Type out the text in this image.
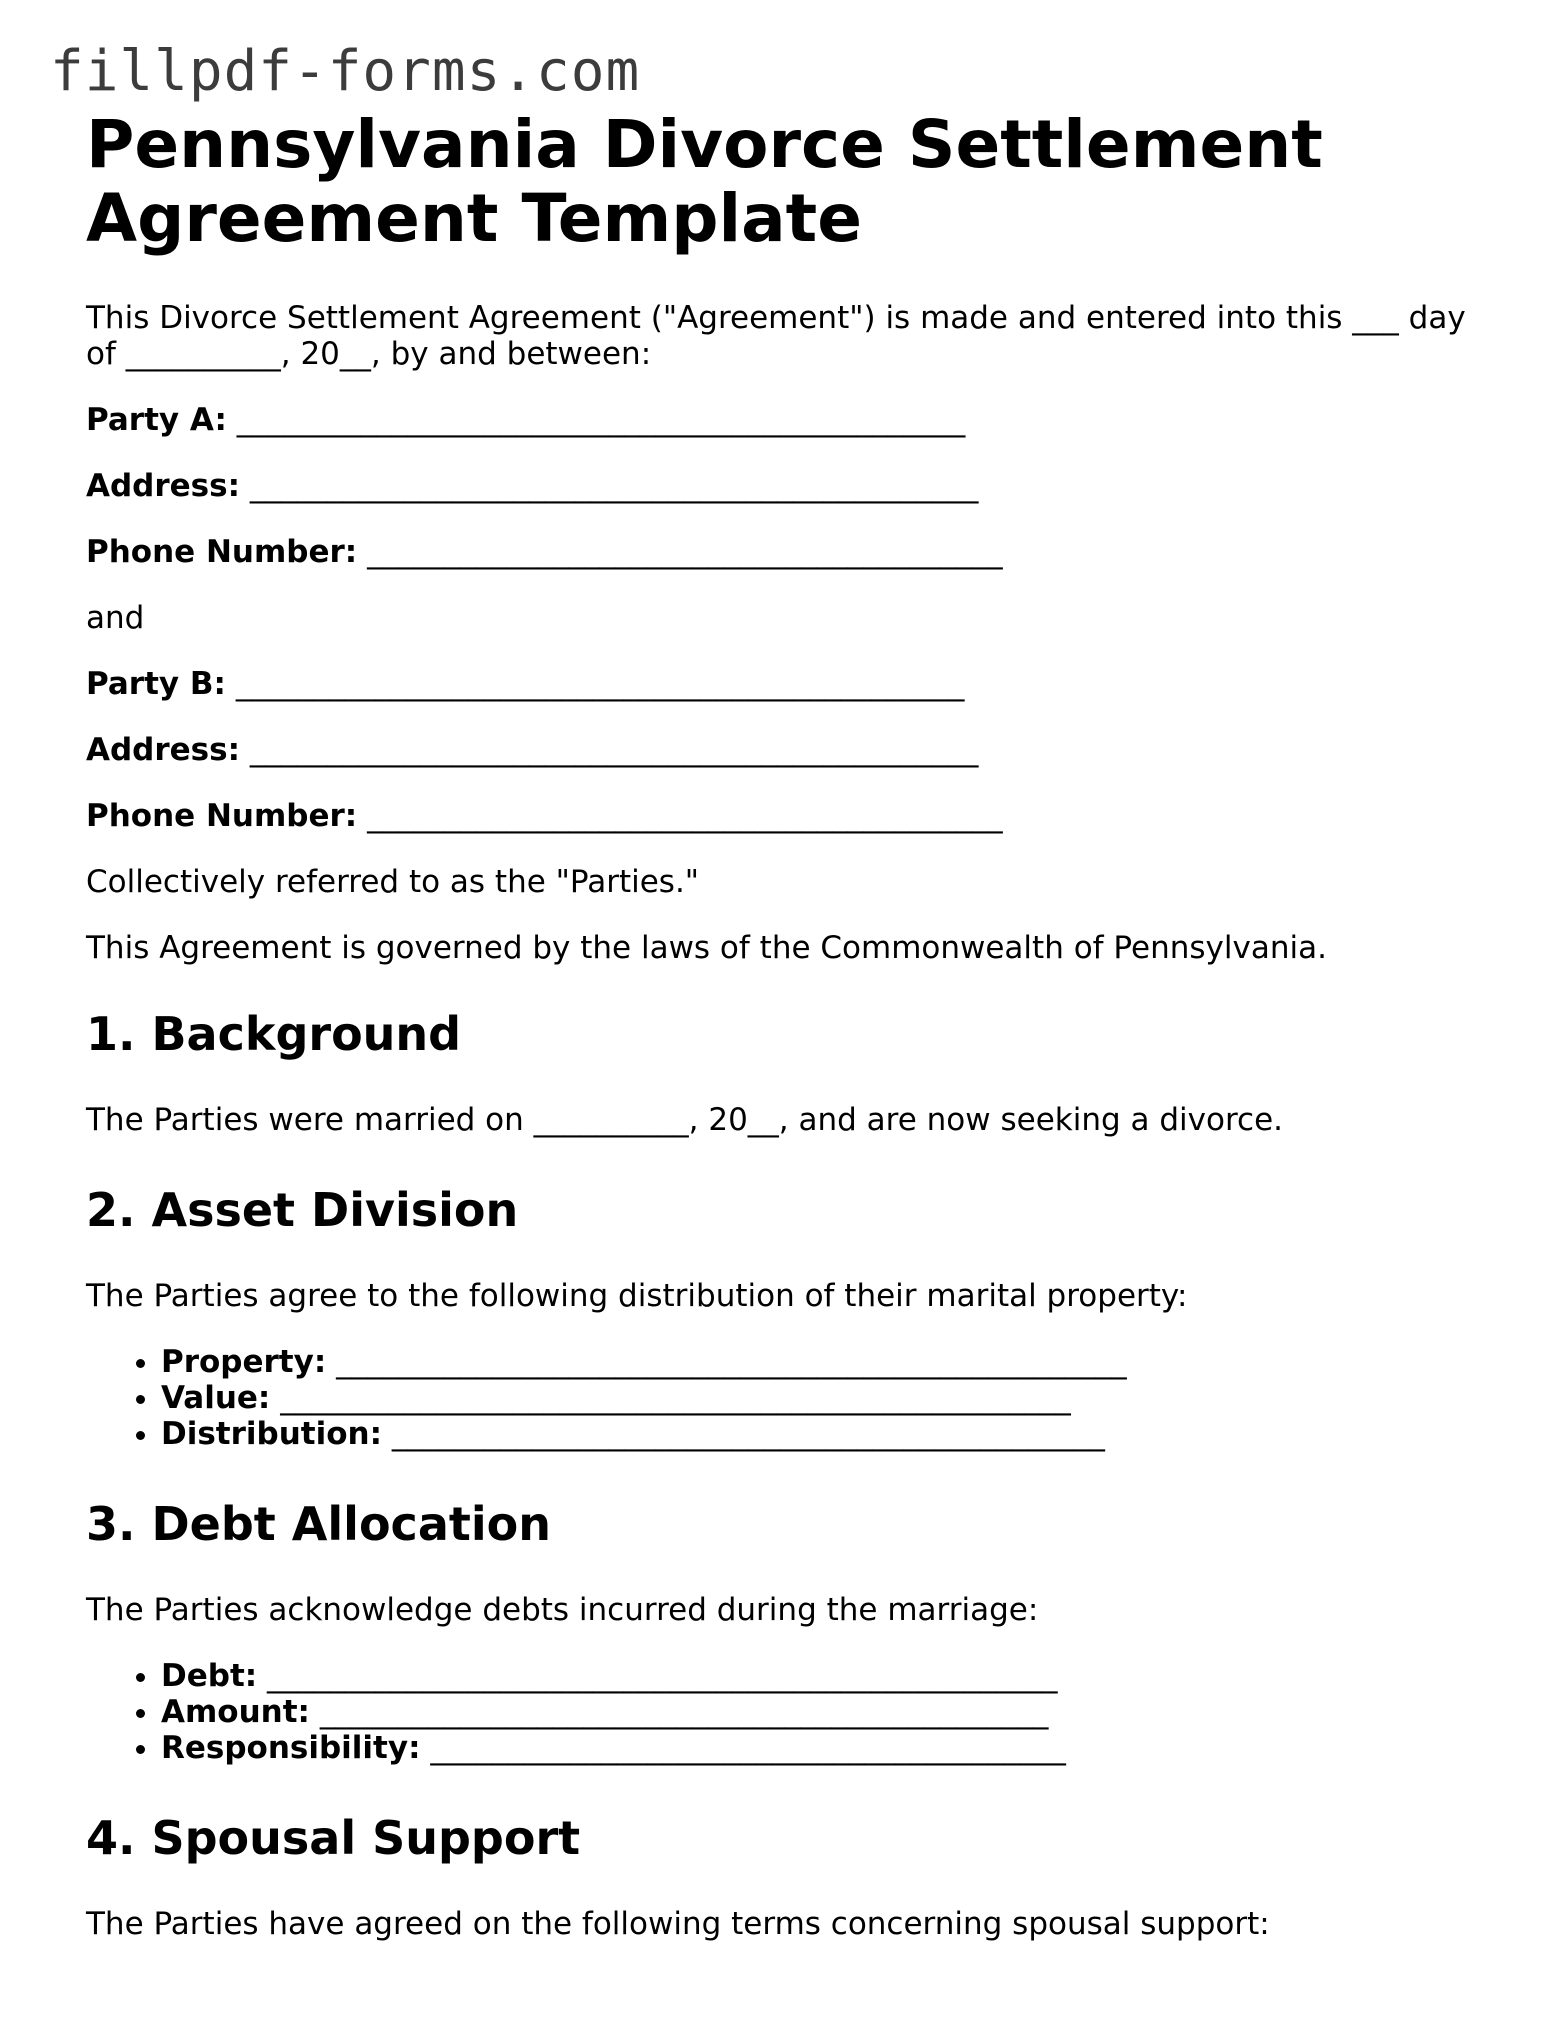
fillpdf-forms.com
Pennsylvania Divorce Settlement Agreement Template

This Divorce Settlement Agreement ("Agreement") is made and entered into this ___ day of __________, 20__, by and between:

Party A: _______________________________________________

Address: _______________________________________________

Phone Number: _________________________________________

and

Party B: _______________________________________________

Address: _______________________________________________

Phone Number: _________________________________________

Collectively referred to as the "Parties."

This Agreement is governed by the laws of the Commonwealth of Pennsylvania.

1. Background

The Parties were married on __________, 20__, and are now seeking a divorce.

2. Asset Division

The Parties agree to the following distribution of their marital property:

• Property: ___________________________________________________
• Value: ___________________________________________________
• Distribution: ______________________________________________
3. Debt Allocation

The Parties acknowledge debts incurred during the marriage:

• Debt: ___________________________________________________
• Amount: _______________________________________________
• Responsibility: _________________________________________
4. Spousal Support

The Parties have agreed on the following terms concerning spousal support:
